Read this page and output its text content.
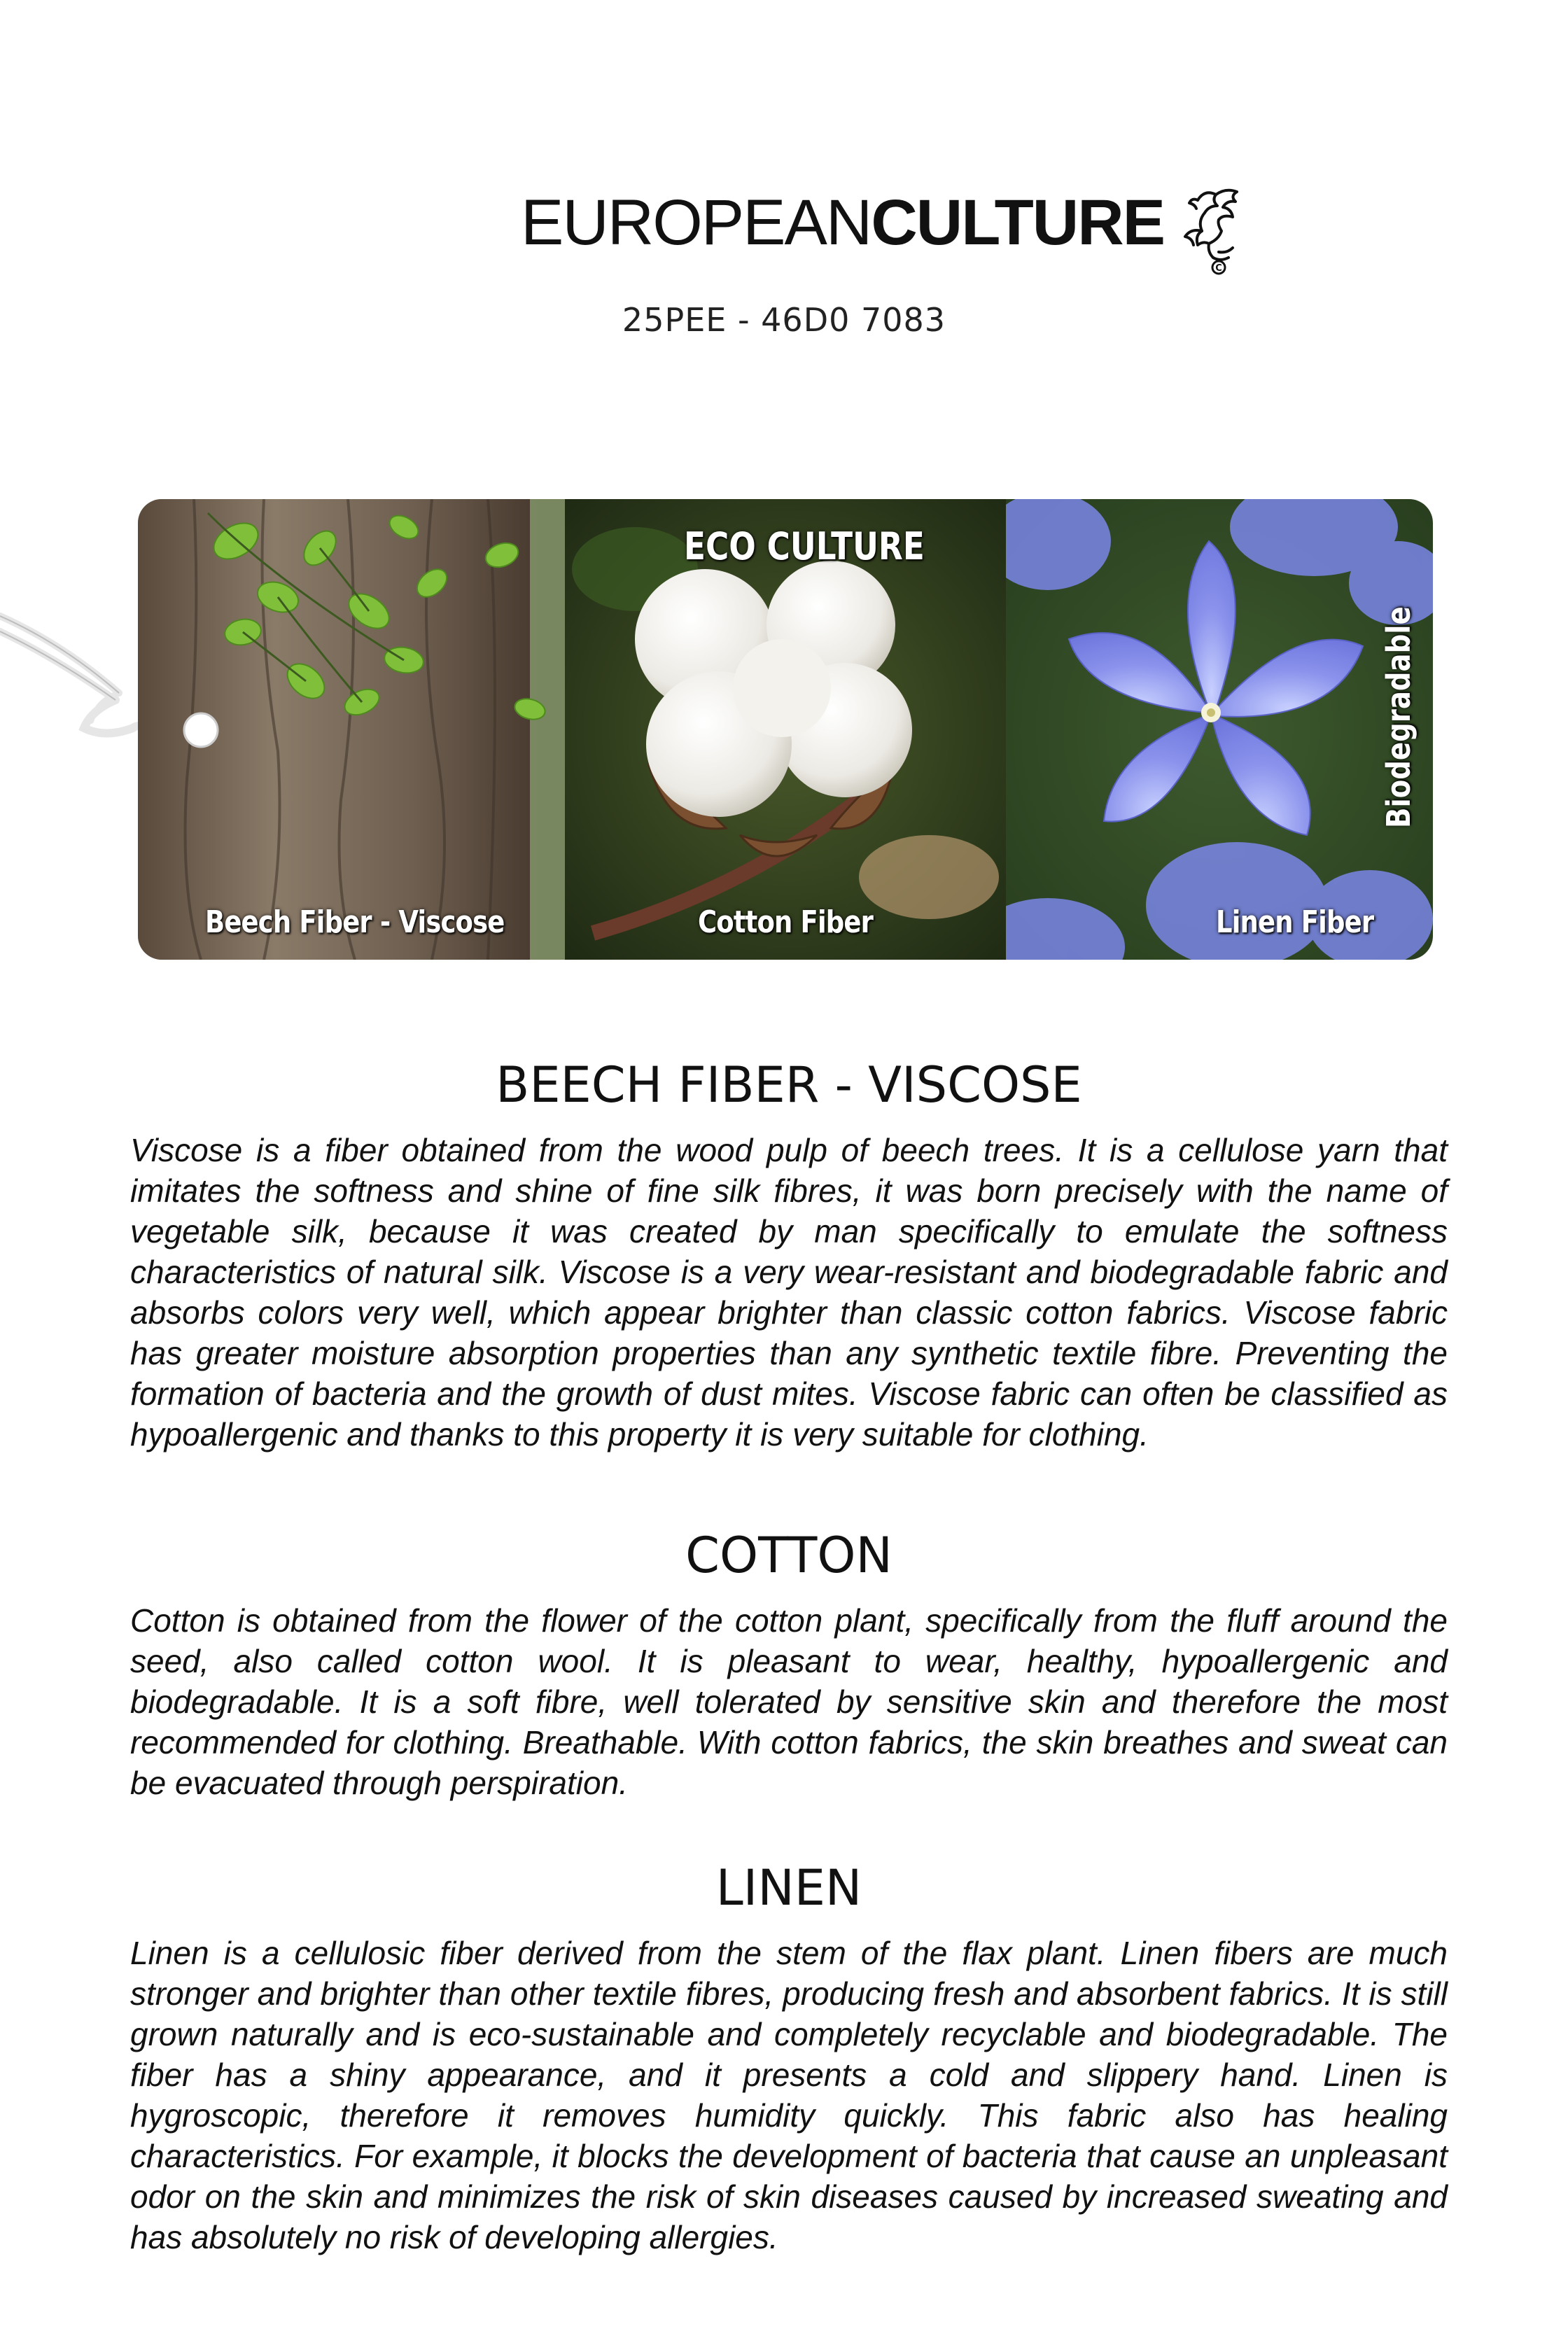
EUROPEANCULTURE
C
25PEE - 46D0 7083
ECO CULTURE
Biodegradable
Beech Fiber - Viscose	Cotton Fiber	Linen Fiber
BEECH FIBER - VISCOSE

Viscose is a fiber obtained from the wood pulp of beech trees. It is a cellulose yarn that imitates the softness and shine of fine silk fibres, it was born precisely with the name of vegetable silk, because it was created by man specifically to emulate the softness characteristics of natural silk. Viscose is a very wear-resistant and biodegradable fabric and absorbs colors very well, which appear brighter than classic cotton fabrics. Viscose fabric has greater moisture absorption properties than any synthetic textile fibre. Preventing the formation of bacteria and the growth of dust mites. Viscose fabric can often be classified as hypoallergenic and thanks to this property it is very suitable for clothing.

COTTON

Cotton is obtained from the flower of the cotton plant, specifically from the fluff around the seed, also called cotton wool. It is pleasant to wear, healthy, hypoallergenic and biodegradable. It is a soft fibre, well tolerated by sensitive skin and therefore the most recommended for clothing. Breathable. With cotton fabrics, the skin breathes and sweat can be evacuated through perspiration.

LINEN

Linen is a cellulosic fiber derived from the stem of the flax plant. Linen fibers are much stronger and brighter than other textile fibres, producing fresh and absorbent fabrics. It is still grown naturally and is eco-sustainable and completely recyclable and biodegradable. The fiber has a shiny appearance, and it presents a cold and slippery hand. Linen is hygroscopic, therefore it removes humidity quickly. This fabric also has healing characteristics. For example, it blocks the development of bacteria that cause an unpleasant odor on the skin and minimizes the risk of skin diseases caused by increased sweating and has absolutely no risk of developing allergies.
